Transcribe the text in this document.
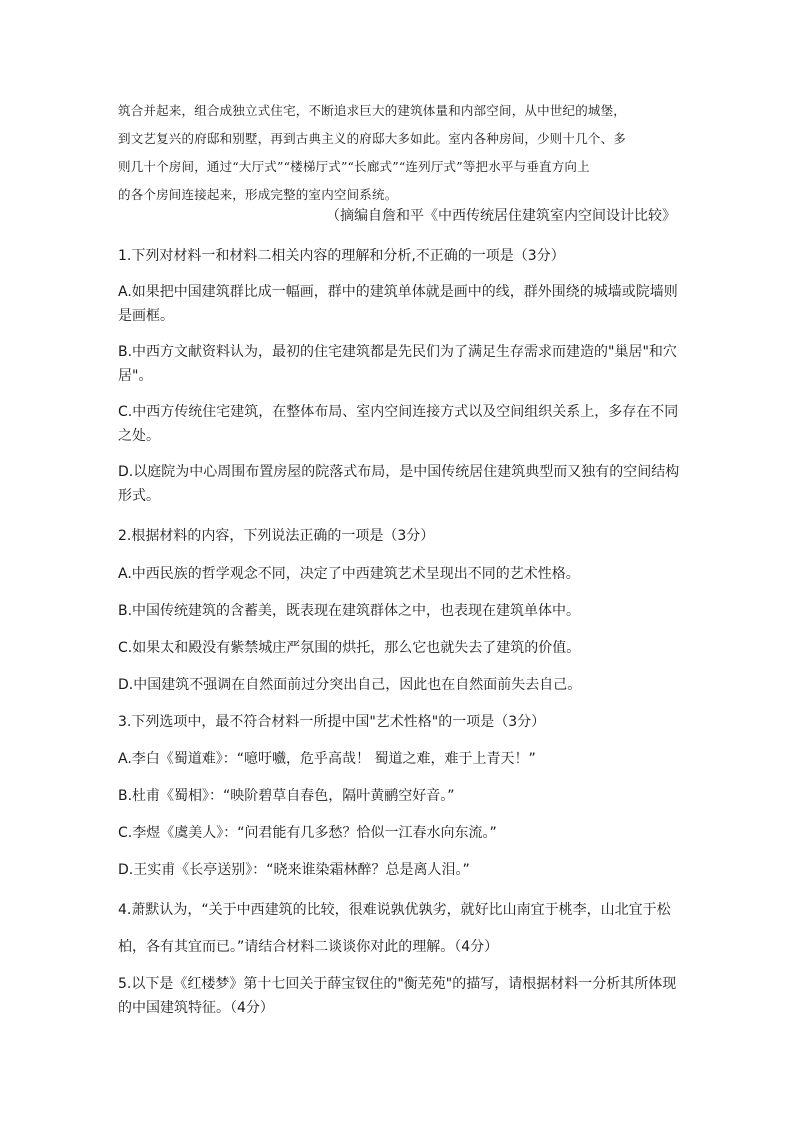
筑合并起来，组合成独立式住宅，不断追求巨大的建筑体量和内部空间，从中世纪的城堡，

到文艺复兴的府邸和别墅，再到古典主义的府邸大多如此。室内各种房间，少则十几个、多

则几十个房间，通过“大厅式”“楼梯厅式”“长廊式”“连列厅式”等把水平与垂直方向上

的各个房间连接起来，形成完整的室内空间系统。

（摘编自詹和平《中西传统居住建筑室内空间设计比较》

1.下列对材料一和材料二相关内容的理解和分析,不正确的一项是（3分）

A.如果把中国建筑群比成一幅画，群中的建筑单体就是画中的线，群外围绕的城墙或院墙则是画框。

B.中西方文献资料认为，最初的住宅建筑都是先民们为了满足生存需求而建造的"巢居"和穴居"。

C.中西方传统住宅建筑，在整体布局、室内空间连接方式以及空间组织关系上，多存在不同之处。

D.以庭院为中心周围布置房屋的院落式布局，是中国传统居住建筑典型而又独有的空间结构形式。

2.根据材料的内容，下列说法正确的一项是（3分）

A.中西民族的哲学观念不同，决定了中西建筑艺术呈现出不同的艺术性格。

B.中国传统建筑的含蓄美，既表现在建筑群体之中，也表现在建筑单体中。

C.如果太和殿没有紫禁城庄严氛围的烘托，那么它也就失去了建筑的价值。

D.中国建筑不强调在自然面前过分突出自己，因此也在自然面前失去自己。

3.下列选项中，最不符合材料一所提中国"艺术性格"的一项是（3分）

A.李白《蜀道难》：“噫吁嚱，危乎高哉！ 蜀道之难，难于上青天！”

B.杜甫《蜀相》：“映阶碧草自春色，隔叶黄鹂空好音。”

C.李煜《虞美人》：“问君能有几多愁？恰似一江春水向东流。”

D.王实甫《长亭送别》：“晓来谁染霜林醉？总是离人泪。”

4.萧默认为，“关于中西建筑的比较，很难说孰优孰劣，就好比山南宜于桃李，山北宜于松

柏，各有其宜而已。”请结合材料二谈谈你对此的理解。（4分）

5.以下是《红楼梦》第十七回关于薛宝钗住的"衡芜苑"的描写，请根据材料一分析其所体现

的中国建筑特征。（4分）
